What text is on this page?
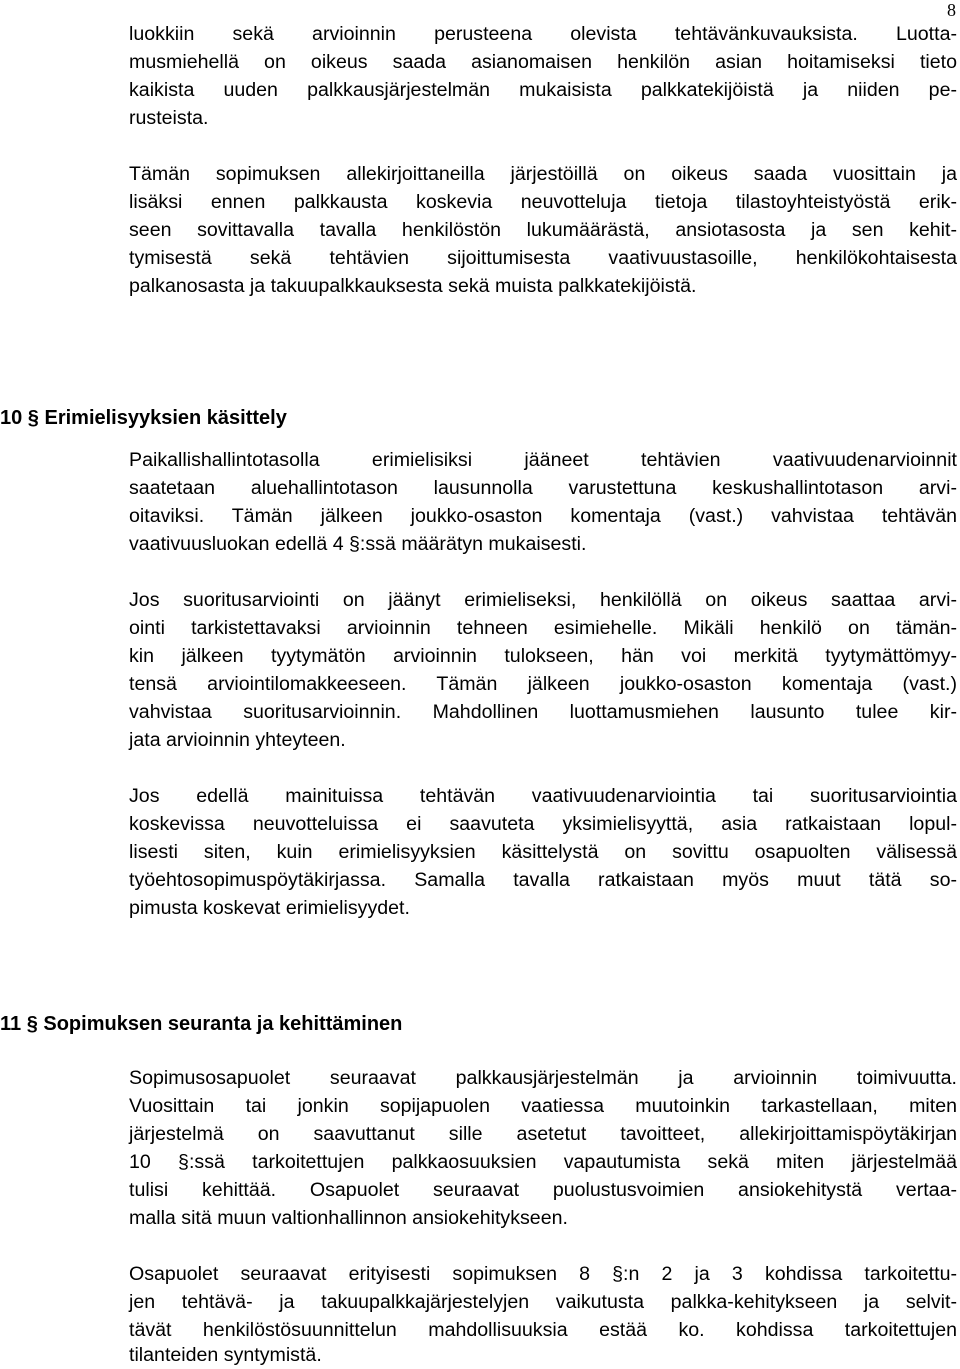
8
luokkiin sekä arvioinnin perusteena olevista tehtävänkuvauksista. Luotta-
musmiehellä on oikeus saada asianomaisen henkilön asian hoitamiseksi tieto
kaikista uuden palkkausjärjestelmän mukaisista palkkatekijöistä ja niiden pe-
rusteista.
Tämän sopimuksen allekirjoittaneilla järjestöillä on oikeus saada vuosittain ja
lisäksi ennen palkkausta koskevia neuvotteluja tietoja tilastoyhteistyöstä erik-
seen sovittavalla tavalla henkilöstön lukumäärästä, ansiotasosta ja sen kehit-
tymisestä sekä tehtävien sijoittumisesta vaativuustasoille, henkilökohtaisesta
palkanosasta ja takuupalkkauksesta sekä muista palkkatekijöistä.
10 § Erimielisyyksien käsittely
Paikallishallintotasolla erimielisiksi jääneet tehtävien vaativuudenarvioinnit
saatetaan aluehallintotason lausunnolla varustettuna keskushallintotason arvi-
oitaviksi. Tämän jälkeen joukko-osaston komentaja (vast.) vahvistaa tehtävän
vaativuusluokan edellä 4 §:ssä määrätyn mukaisesti.
Jos suoritusarviointi on jäänyt erimieliseksi, henkilöllä on oikeus saattaa arvi-
ointi tarkistettavaksi arvioinnin tehneen esimiehelle. Mikäli henkilö on tämän-
kin jälkeen tyytymätön arvioinnin tulokseen, hän voi merkitä tyytymättömyy-
tensä arviointilomakkeeseen. Tämän jälkeen joukko-osaston komentaja (vast.)
vahvistaa suoritusarvioinnin. Mahdollinen luottamusmiehen lausunto tulee kir-
jata arvioinnin yhteyteen.
Jos edellä mainituissa tehtävän vaativuudenarviointia tai suoritusarviointia
koskevissa neuvotteluissa ei saavuteta yksimielisyyttä, asia ratkaistaan lopul-
lisesti siten, kuin erimielisyyksien käsittelystä on sovittu osapuolten välisessä
työehtosopimuspöytäkirjassa. Samalla tavalla ratkaistaan myös muut tätä so-
pimusta koskevat erimielisyydet.
11 § Sopimuksen seuranta ja kehittäminen
Sopimusosapuolet seuraavat palkkausjärjestelmän ja arvioinnin toimivuutta.
Vuosittain tai jonkin sopijapuolen vaatiessa muutoinkin tarkastellaan, miten
järjestelmä on saavuttanut sille asetetut tavoitteet, allekirjoittamispöytäkirjan
10 §:ssä tarkoitettujen palkkaosuuksien vapautumista sekä miten järjestelmää
tulisi kehittää. Osapuolet seuraavat puolustusvoimien ansiokehitystä vertaa-
malla sitä muun valtionhallinnon ansiokehitykseen.
Osapuolet seuraavat erityisesti sopimuksen 8 §:n 2 ja 3 kohdissa tarkoitettu-
jen tehtävä- ja takuupalkkajärjestelyjen vaikutusta palkka-kehitykseen ja selvit-
tävät henkilöstösuunnittelun mahdollisuuksia estää ko. kohdissa tarkoitettujen
tilanteiden syntymistä.
